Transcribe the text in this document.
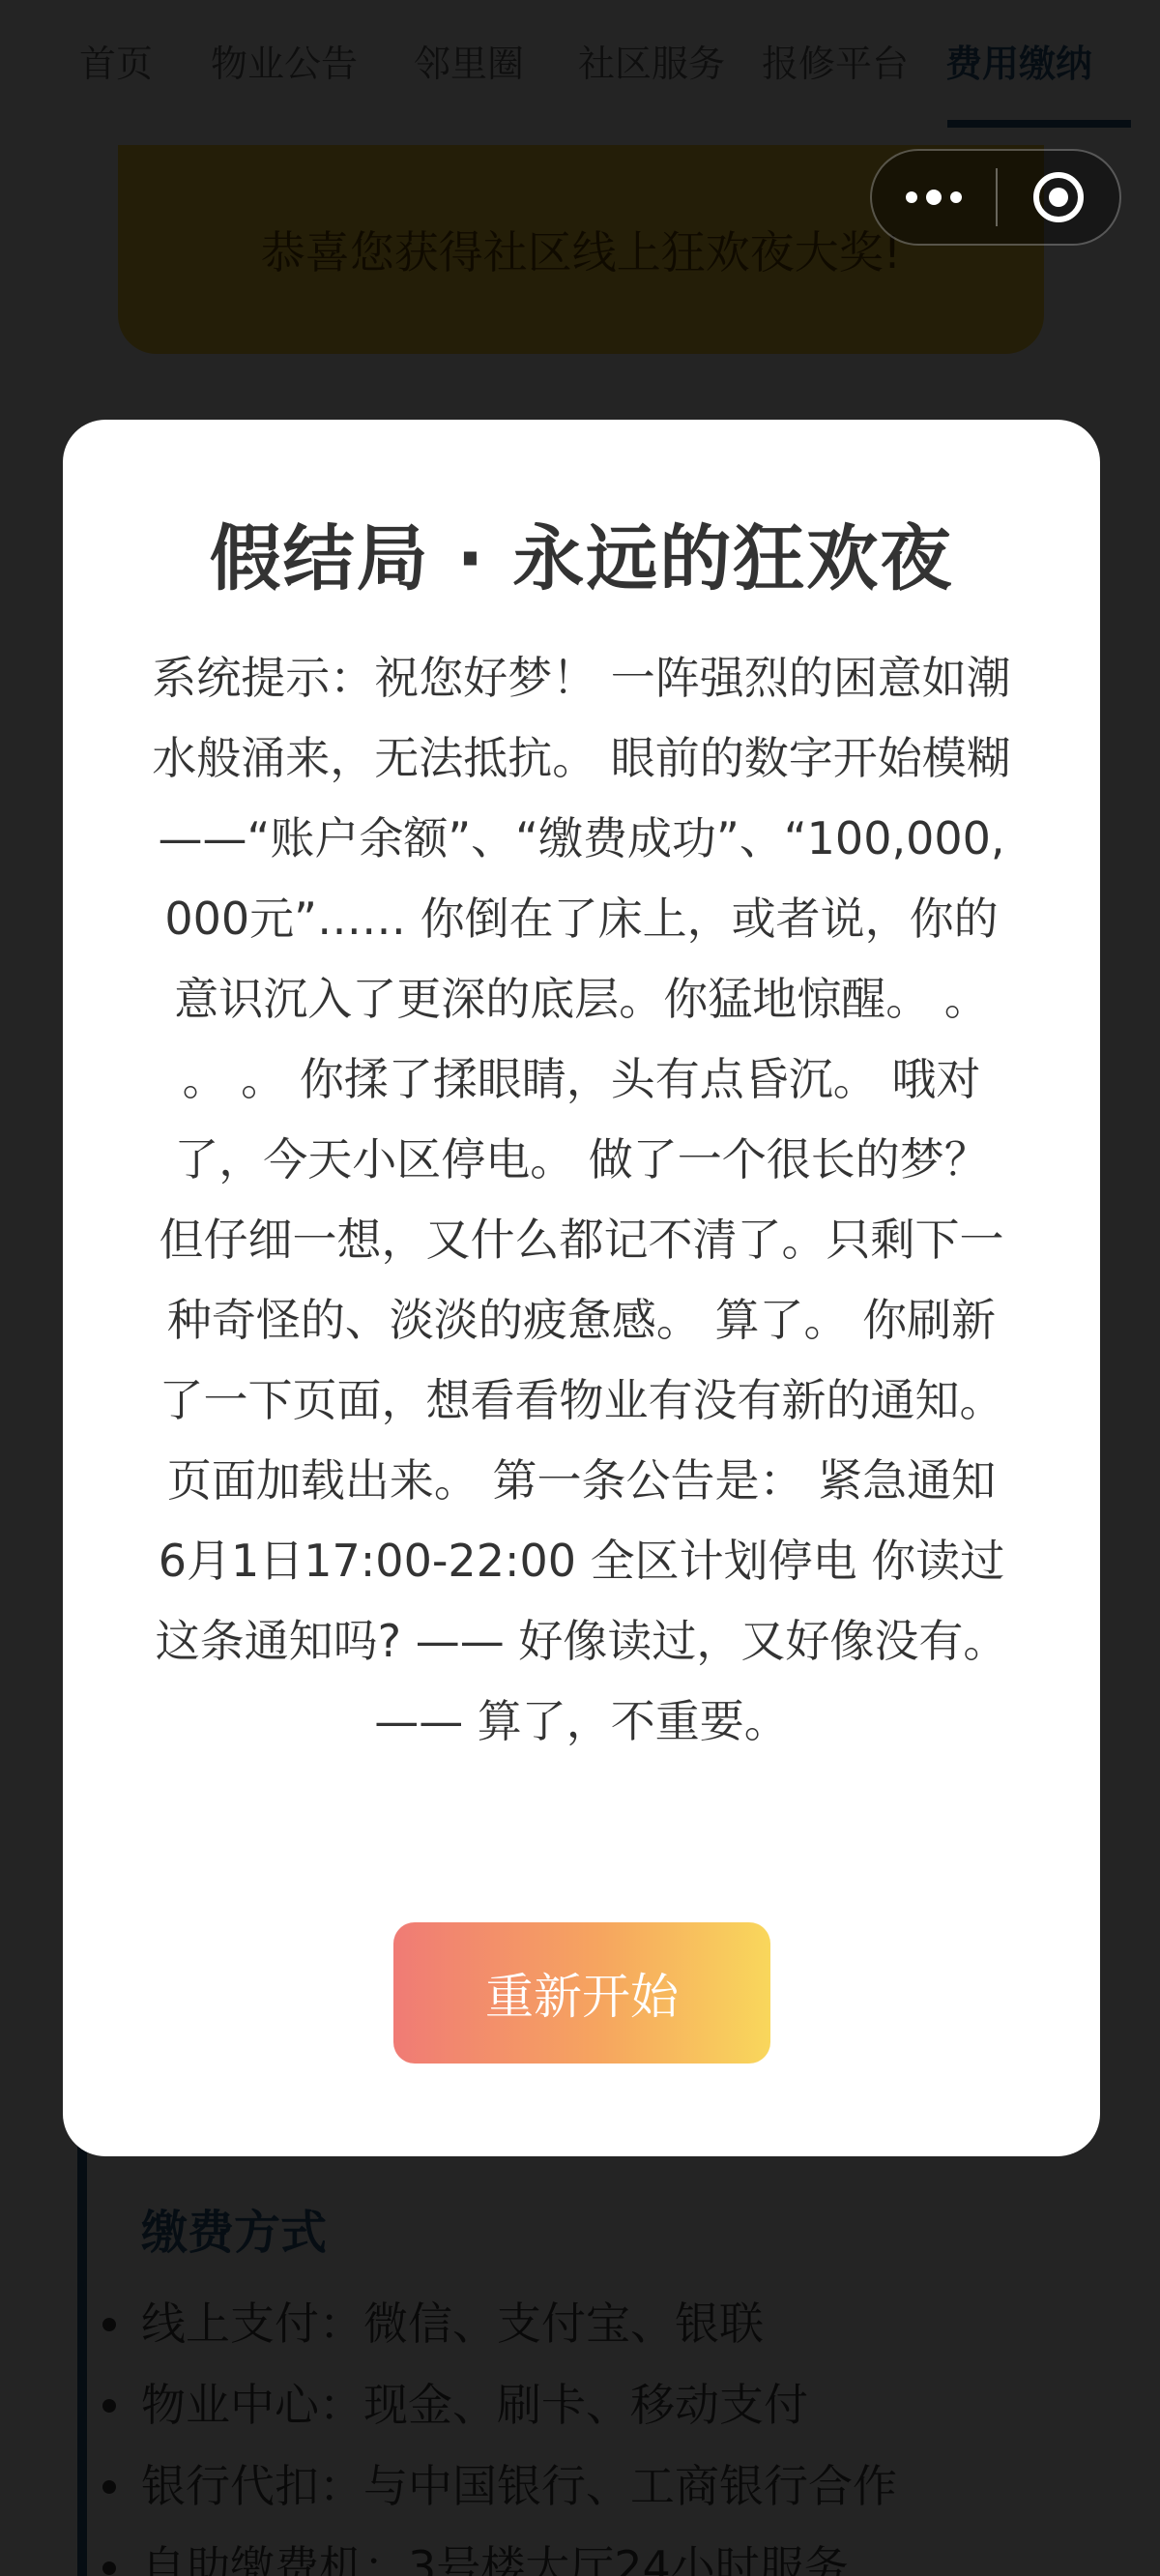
假结局 · 永远的狂欢夜
系统提示：祝您好梦！ 一阵强烈的困意如潮水般涌来，无法抵抗。 眼前的数字开始模糊——“账户余额”、“缴费成功”、“100,000,000元”…… 你倒在了床上，或者说，你的意识沉入了更深的底层。你猛地惊醒。 。 。 。 你揉了揉眼睛，头有点昏沉。 哦对了，今天小区停电。 做了一个很长的梦？ 但仔细一想，又什么都记不清了。只剩下一种奇怪的、淡淡的疲惫感。 算了。 你刷新了一下页面，想看看物业有没有新的通知。 页面加载出来。 第一条公告是： 紧急通知 6月1日17:00-22:00 全区计划停电 你读过这条通知吗? —— 好像读过，又好像没有。 —— 算了，不重要。
重新开始
